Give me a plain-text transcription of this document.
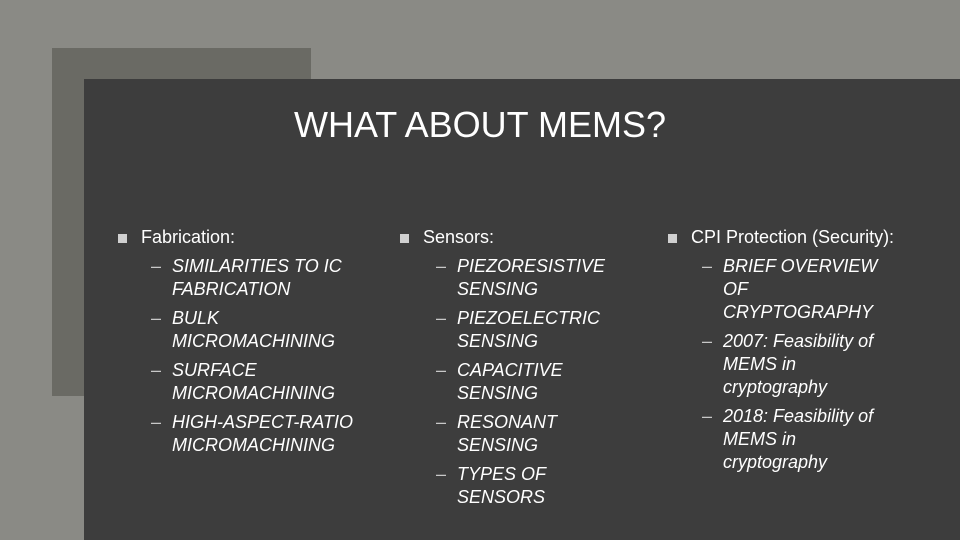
WHAT ABOUT MEMS?
Fabrication:
– SIMILARITIES TO IC FABRICATION
– BULK MICROMACHINING
– SURFACE MICROMACHINING
– HIGH-ASPECT-RATIO MICROMACHINING
Sensors:
– PIEZORESISTIVE SENSING
– PIEZOELECTRIC SENSING
– CAPACITIVE SENSING
– RESONANT SENSING
– TYPES OF SENSORS
CPI Protection (Security):
– BRIEF OVERVIEW OF CRYPTOGRAPHY
– 2007: Feasibility of MEMS in cryptography
– 2018: Feasibility of MEMS in cryptography
